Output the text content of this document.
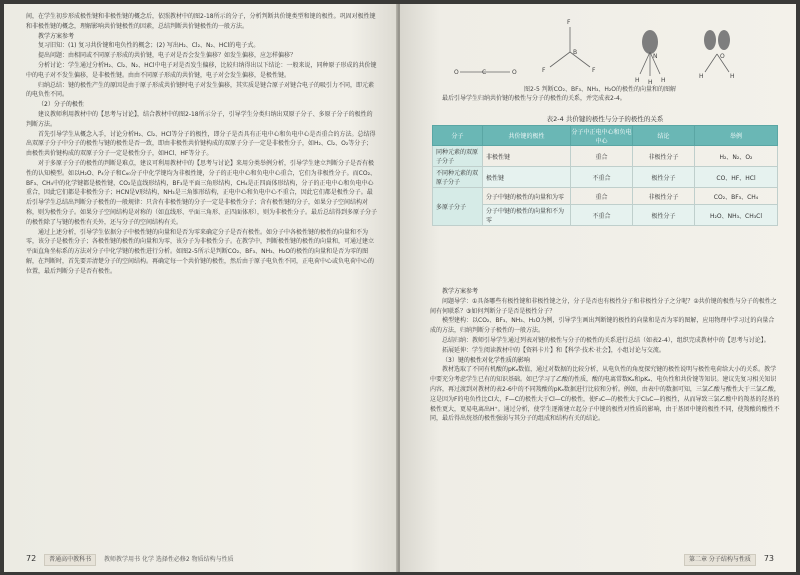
间，在学生初步形成极性键和非极性键的概念后，依照教材中的图2-18所示的分子，分析判断共价键类型和键的极性。巩固对极性键和非极性键的概念，理解影响共价键极性的因素，总结判断共价键极性的一般方法。

教学方案参考

复习旧知：(1) 复习共价键和电负性的概念；(2) 写出H₂、Cl₂、N₂、HCl的电子式。

提出问题：由相同或不同原子形成的共价键，电子对是否会发生偏移？如发生偏移，应怎样偏移？

分析讨论：学生通过分析H₂、Cl₂、N₂、HCl中电子对是否发生偏移，比较归纳得出以下结论：一般来说，同种原子形成的共价键中的电子对不发生偏移，是非极性键。由由不同原子形成的共价键，电子对会发生偏移，是极性键。

归纳总结：键的极性产生的原因是由于原子形成共价键时电子对发生偏移，其实质是键合原子对键合电子的吸引力不同，即元素的电负性不同。

（2）分子的极性

建议教师利用教材中的【思考与讨论】，结合教材中的图2-18所示分子，引导学生分类归纳出双原子分子、多原子分子的极性的判断方法。

首先引导学生从概念入手，讨论分析H₂、Cl₂、HCl等分子的极性，即分子是否具有正电中心和负电中心是否重合的方法。总结得出双原子分子中分子的极性与键的极性是否一致，即由非极性共价键构成的双原子分子一定是非极性分子，如H₂、Cl₂、O₂等分子；由极性共价键构成的双原子分子一定是极性分子，如HCl、HF等分子。

对于多原子分子的极性的判断是难点，建议可利用教材中的【思考与讨论】来用分类举例分析，引导学生建立判断分子是否有极性的认知模型。如以H₂O、P₄分子和C₆₀分子中化学键均为非极性键，分子的正电中心和负电中心重合，它们为非极性分子。而CO₂、BF₃、CH₄中的化学键都是极性键，CO₂是直线形结构，BF₃是平面三角形结构，CH₄是正四面体形结构，分子的正电中心和负电中心重合，因此它们都是非极性分子；HCN是V形结构，NH₃是三角锥形结构，正电中心和负电中心不重合，因此它们都是极性分子。最后引导学生总结出判断分子极性的一般规律：只含有非极性键的分子一定是非极性分子；含有极性键的分子，如果分子空间结构对称，则为极性分子。如果分子空间结构是对称的（如直线形、平面三角形、正四面体形），则为非极性分子。最后总结得到多原子分子的极性除了与键的极性有关外，还与分子的空间结构有关。

通过上述分析，引导学生依据分子中极性键的向量和是否为零来确定分子是否有极性。如分子中各极性键的极性的向量和不为零，该分子是极性分子；各极性键的极性的向量和为零，该分子为非极性分子。在教学中，判断极性键的极性的向量和，可通过建立平面直角坐标系的方法对分子中化学键的极性进行分析。如图2-5所示是判断CO₂、BF₃、NH₃、H₂O的极性的向量和是否为零的图解，在判断时，首先要弄清楚分子的空间结构。再确定每一个共价键的极性，然后由于原子电负性不同，正电荷中心或负电荷中心的位置，最后判断分子是否有极性。

72 普通高中教科书 教师教学用书 化学 选择性必修2 物质结构与性质
O	C	O
F
B
F	F
N
H H H
O
H	H
图2-5 判断CO₂、BF₃、NH₃、H₂O的极性的向量和的图解

最后引导学生归纳共价键的极性与分子的极性的关系，并完成表2-4。

表2-4 共价键的极性与分子的极性的关系
分子	共价键的极性	分子中正电中心和负电中心	结论	举例
同种元素的双原子分子	非极性键	重合	非极性分子	H₂、N₂、O₂
不同种元素的双原子分子	极性键	不重合	极性分子	CO、HF、HCl
多原子分子	分子中键的极性的向量和为零	重合	非极性分子	CO₂、BF₃、CH₄
	分子中键的极性的向量和不为零	不重合	极性分子	H₂O、NH₃、CH₃Cl

教学方案参考

问题导学：①具备哪些有极性键和非极性键之分，分子是否也有极性分子和非极性分子之分呢？②共价键的极性与分子的极性之间有何联系？③如何判断分子是否是极性分子？

模型建构：以CO₂、BF₃、NH₃、H₂O为例，引导学生画出判断键的极性的向量和是否为零的图解，应用物理中学习过的向量合成的方法，归纳判断分子极性的一般方法。

总结归纳：教师引导学生通过列表对键的极性与分子的极性的关系进行总结（如表2-4），组织完成教材中的【思考与讨论】。

拓展延伸：学生阅读教材中的【资料卡片】和【科学·技术·社会】，小组讨论与交流。

（3）键的极性对化学性质的影响

教材选取了不同有机酸的pKₐ数值，通过对数据的比较分析，从电负性的角度探究键的极性说明与极性电荷给大小的关系。教学中要充分考虑学生已有的知识基础。如已学习了乙酸的性质，酸的电离常数Kₐ和pKₐ、电负性和共价键等知识。建议先复习相关知识内容，再过渡到对教材的表2-6中的不同羧酸的pKₐ数据进行比较和分析。例如，由表中的数据可知，三氯乙酸与酸性大于三氯乙酸，这是因为F的电负性比Cl大，F—C的极性大于Cl—C的极性，使F₃C—的极性大于Cl₃C—的极性，从而导致三氯乙酸中的羧基的羟基的极性更大，更易电离出H⁺。通过分析，使学生逐渐建立起分子中键的极性对性质的影响，由于基团中键的极性不同，使羧酸的酸性不同，最后得出烷基的极性强弱与其分子的组成和结构有关的结论。

第二章 分子结构与性质 73
